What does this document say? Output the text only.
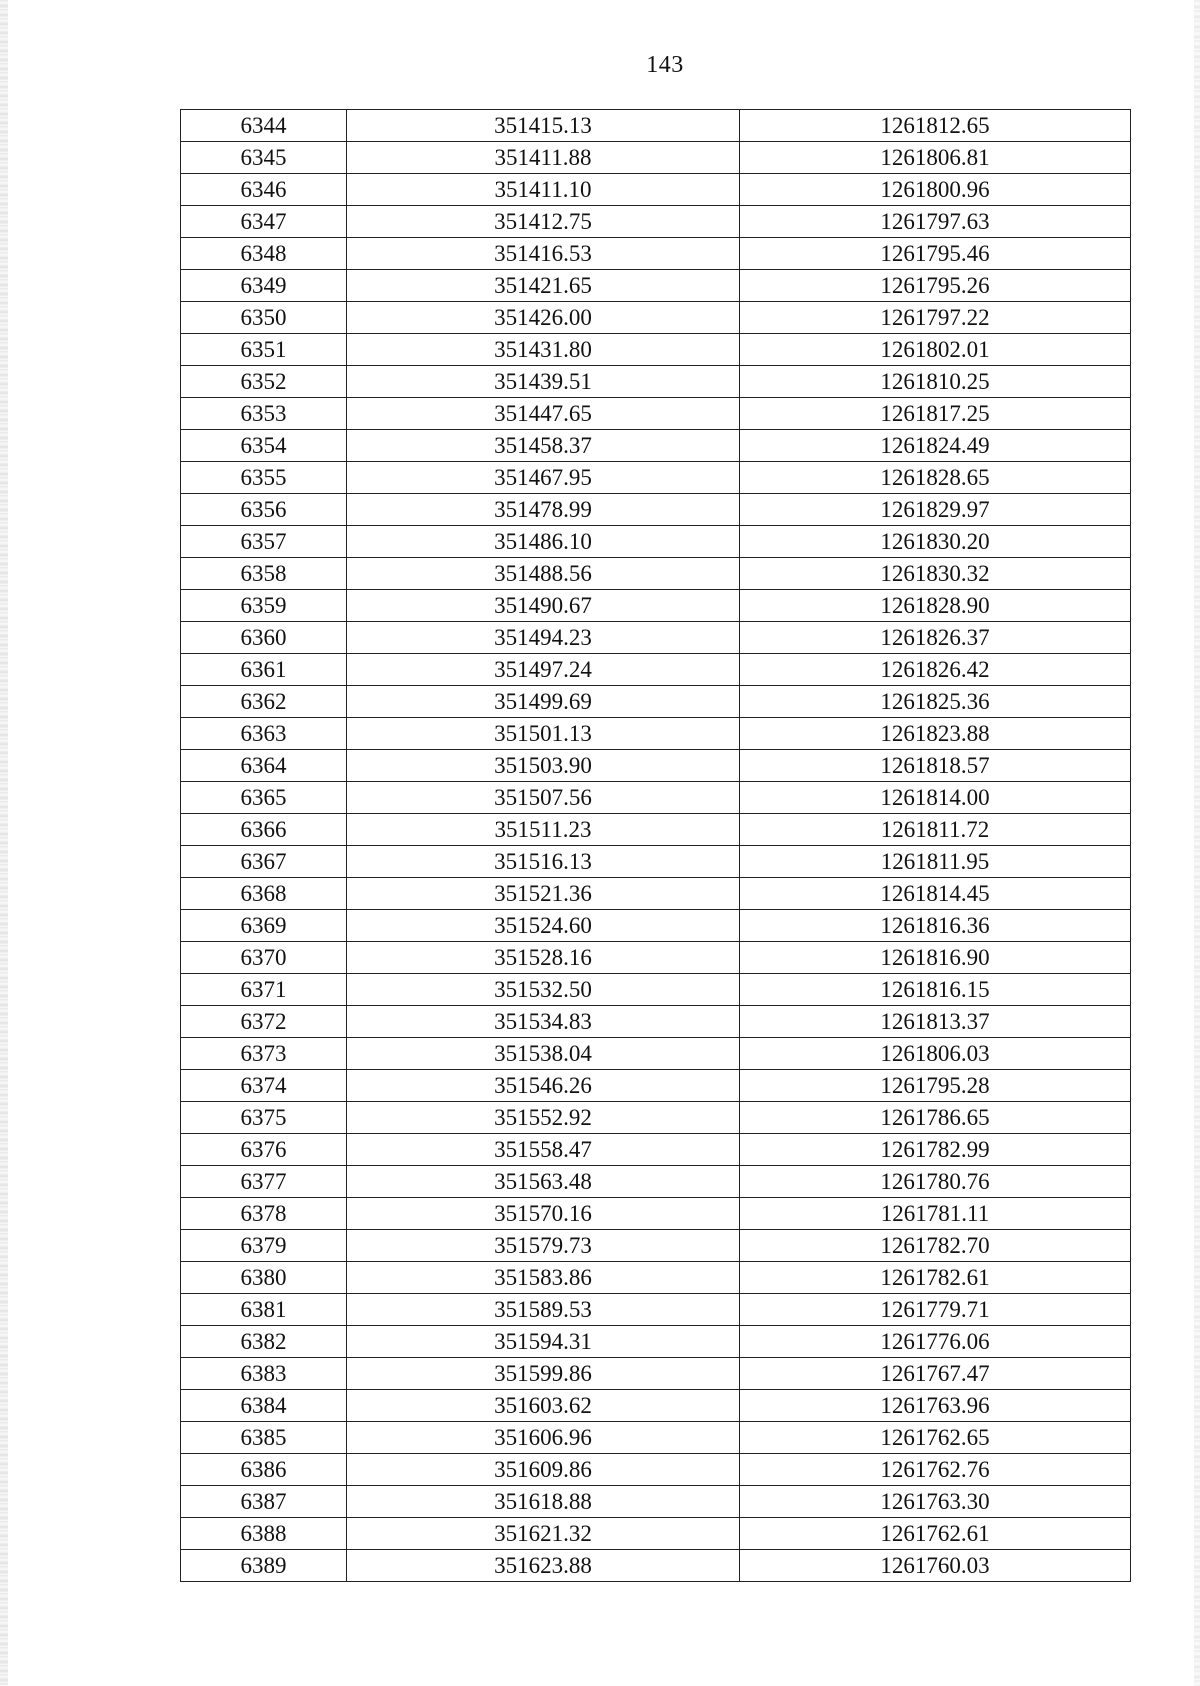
143
6344	351415.13	1261812.65
6345	351411.88	1261806.81
6346	351411.10	1261800.96
6347	351412.75	1261797.63
6348	351416.53	1261795.46
6349	351421.65	1261795.26
6350	351426.00	1261797.22
6351	351431.80	1261802.01
6352	351439.51	1261810.25
6353	351447.65	1261817.25
6354	351458.37	1261824.49
6355	351467.95	1261828.65
6356	351478.99	1261829.97
6357	351486.10	1261830.20
6358	351488.56	1261830.32
6359	351490.67	1261828.90
6360	351494.23	1261826.37
6361	351497.24	1261826.42
6362	351499.69	1261825.36
6363	351501.13	1261823.88
6364	351503.90	1261818.57
6365	351507.56	1261814.00
6366	351511.23	1261811.72
6367	351516.13	1261811.95
6368	351521.36	1261814.45
6369	351524.60	1261816.36
6370	351528.16	1261816.90
6371	351532.50	1261816.15
6372	351534.83	1261813.37
6373	351538.04	1261806.03
6374	351546.26	1261795.28
6375	351552.92	1261786.65
6376	351558.47	1261782.99
6377	351563.48	1261780.76
6378	351570.16	1261781.11
6379	351579.73	1261782.70
6380	351583.86	1261782.61
6381	351589.53	1261779.71
6382	351594.31	1261776.06
6383	351599.86	1261767.47
6384	351603.62	1261763.96
6385	351606.96	1261762.65
6386	351609.86	1261762.76
6387	351618.88	1261763.30
6388	351621.32	1261762.61
6389	351623.88	1261760.03
